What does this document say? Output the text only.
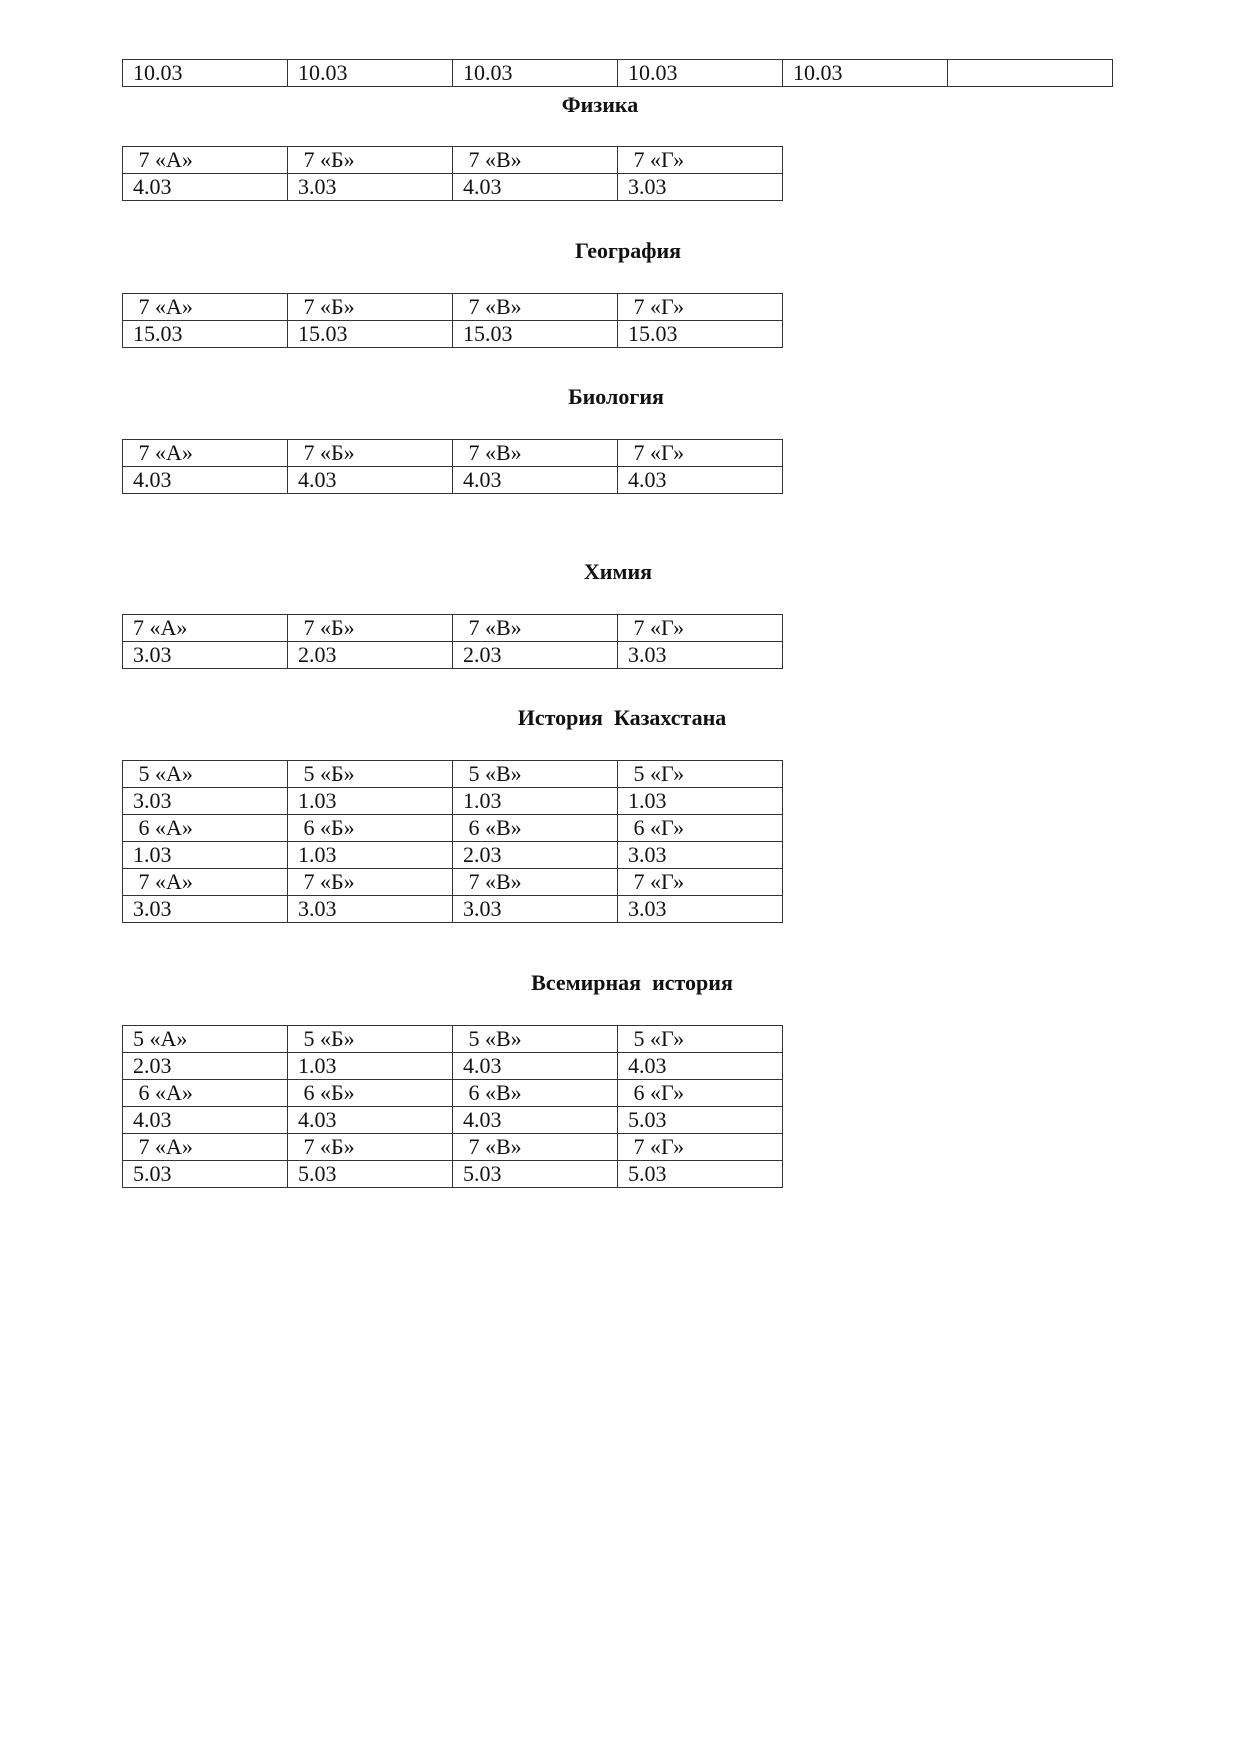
10.03	10.03	10.03	10.03	10.03	
Физика
7 «А»	7 «Б»	7 «В»	7 «Г»
4.03	3.03	4.03	3.03
География
7 «А»	7 «Б»	7 «В»	7 «Г»
15.03	15.03	15.03	15.03
Биология
7 «А»	7 «Б»	7 «В»	7 «Г»
4.03	4.03	4.03	4.03
Химия
7 «А»	7 «Б»	7 «В»	7 «Г»
3.03	2.03	2.03	3.03
История  Казахстана
5 «А»	5 «Б»	5 «В»	5 «Г»
3.03	1.03	1.03	1.03
6 «А»	6 «Б»	6 «В»	6 «Г»
1.03	1.03	2.03	3.03
7 «А»	7 «Б»	7 «В»	7 «Г»
3.03	3.03	3.03	3.03
Всемирная  история
5 «А»	5 «Б»	5 «В»	5 «Г»
2.03	1.03	4.03	4.03
6 «А»	6 «Б»	6 «В»	6 «Г»
4.03	4.03	4.03	5.03
7 «А»	7 «Б»	7 «В»	7 «Г»
5.03	5.03	5.03	5.03
